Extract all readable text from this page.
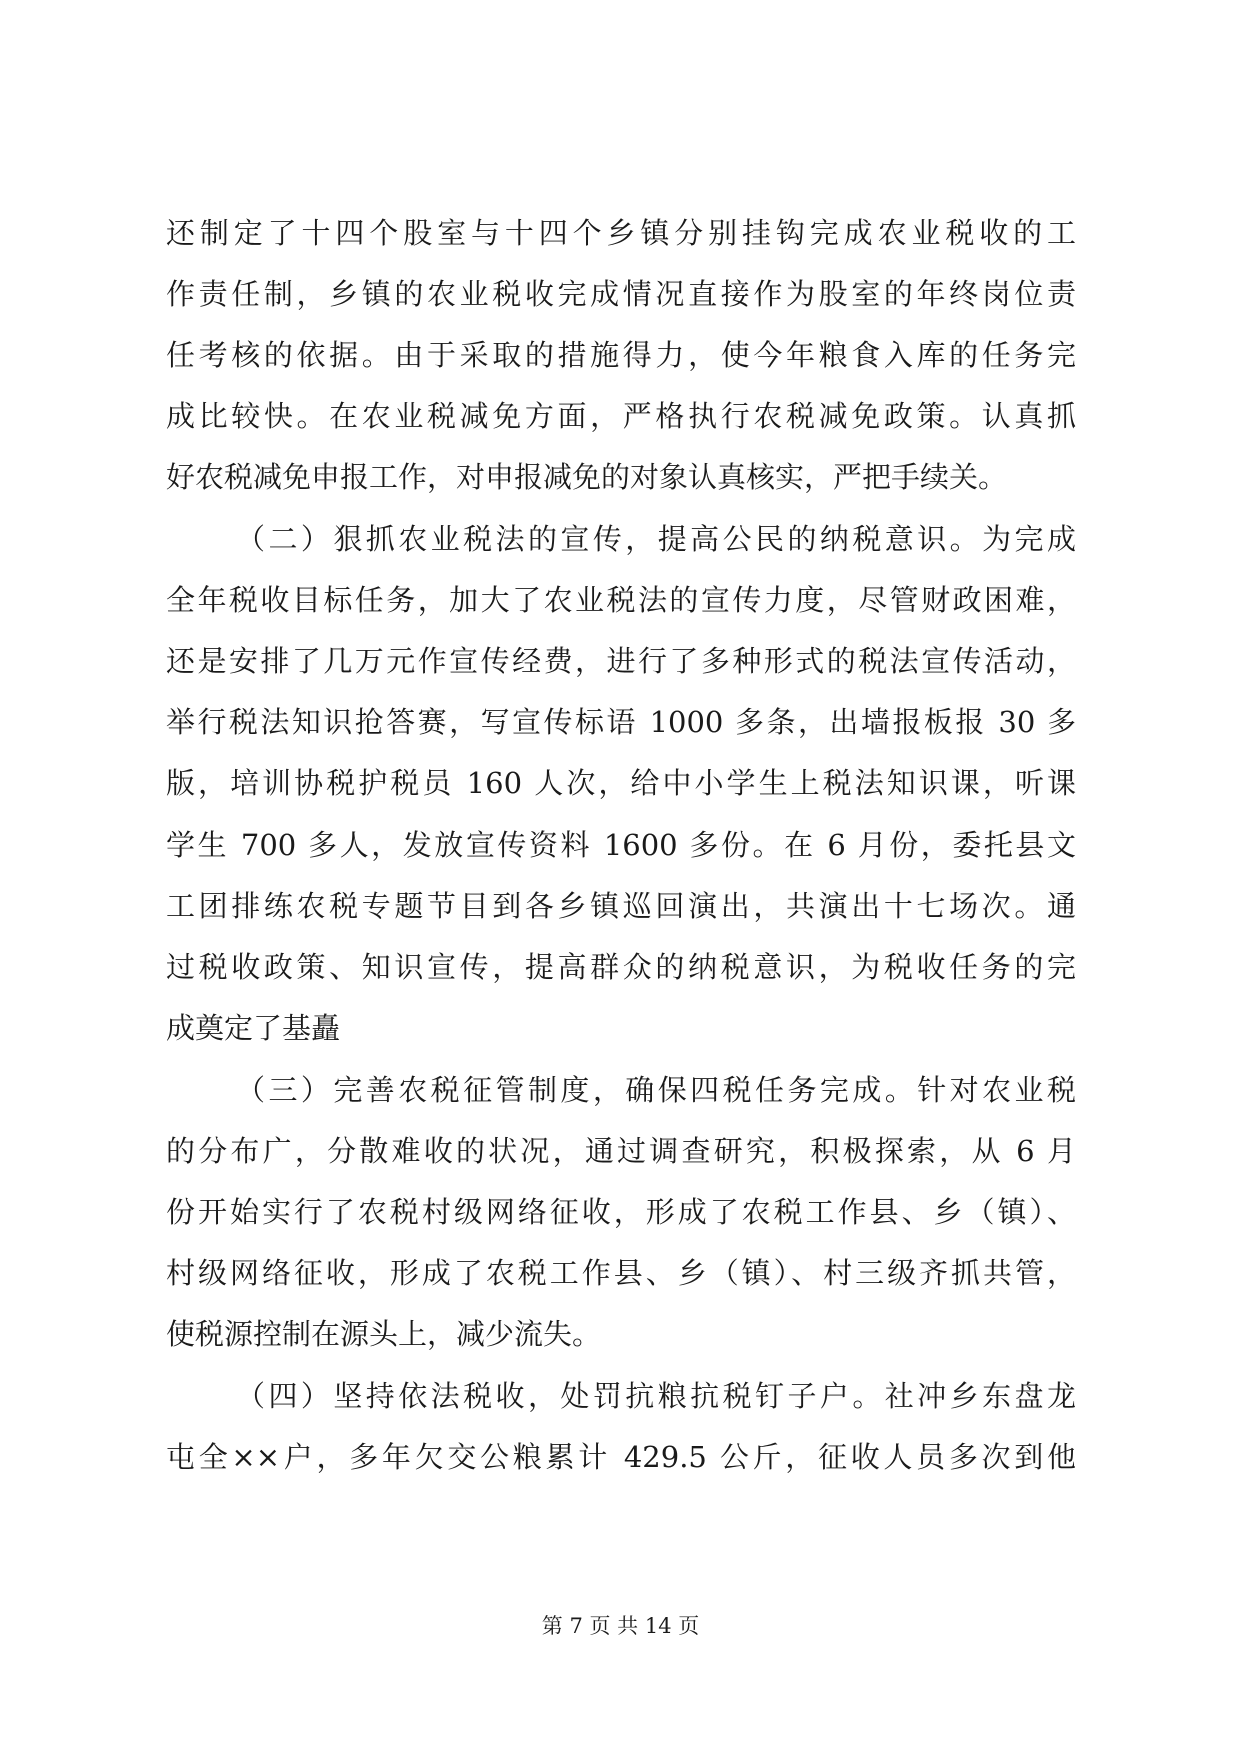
还制定了十四个股室与十四个乡镇分别挂钩完成农业税收的工
作责任制，乡镇的农业税收完成情况直接作为股室的年终岗位责
任考核的依据。由于采取的措施得力，使今年粮食入库的任务完
成比较快。在农业税减免方面，严格执行农税减免政策。认真抓
好农税减免申报工作，对申报减免的对象认真核实，严把手续关。
（二）狠抓农业税法的宣传，提高公民的纳税意识。为完成
全年税收目标任务，加大了农业税法的宣传力度，尽管财政困难，
还是安排了几万元作宣传经费，进行了多种形式的税法宣传活动，
举行税法知识抢答赛，写宣传标语 1000 多条，出墙报板报 30 多
版，培训协税护税员 160 人次，给中小学生上税法知识课，听课
学生 700 多人，发放宣传资料 1600 多份。在 6 月份，委托县文
工团排练农税专题节目到各乡镇巡回演出，共演出十七场次。通
过税收政策、知识宣传，提高群众的纳税意识，为税收任务的完
成奠定了基矗
（三）完善农税征管制度，确保四税任务完成。针对农业税
的分布广，分散难收的状况，通过调查研究，积极探索，从 6 月
份开始实行了农税村级网络征收，形成了农税工作县、乡（镇）、
村级网络征收，形成了农税工作县、乡（镇）、村三级齐抓共管，
使税源控制在源头上，减少流失。
（四）坚持依法税收，处罚抗粮抗税钉子户。社冲乡东盘龙
屯全××户，多年欠交公粮累计 429.5 公斤，征收人员多次到他
第 7 页 共 14 页
